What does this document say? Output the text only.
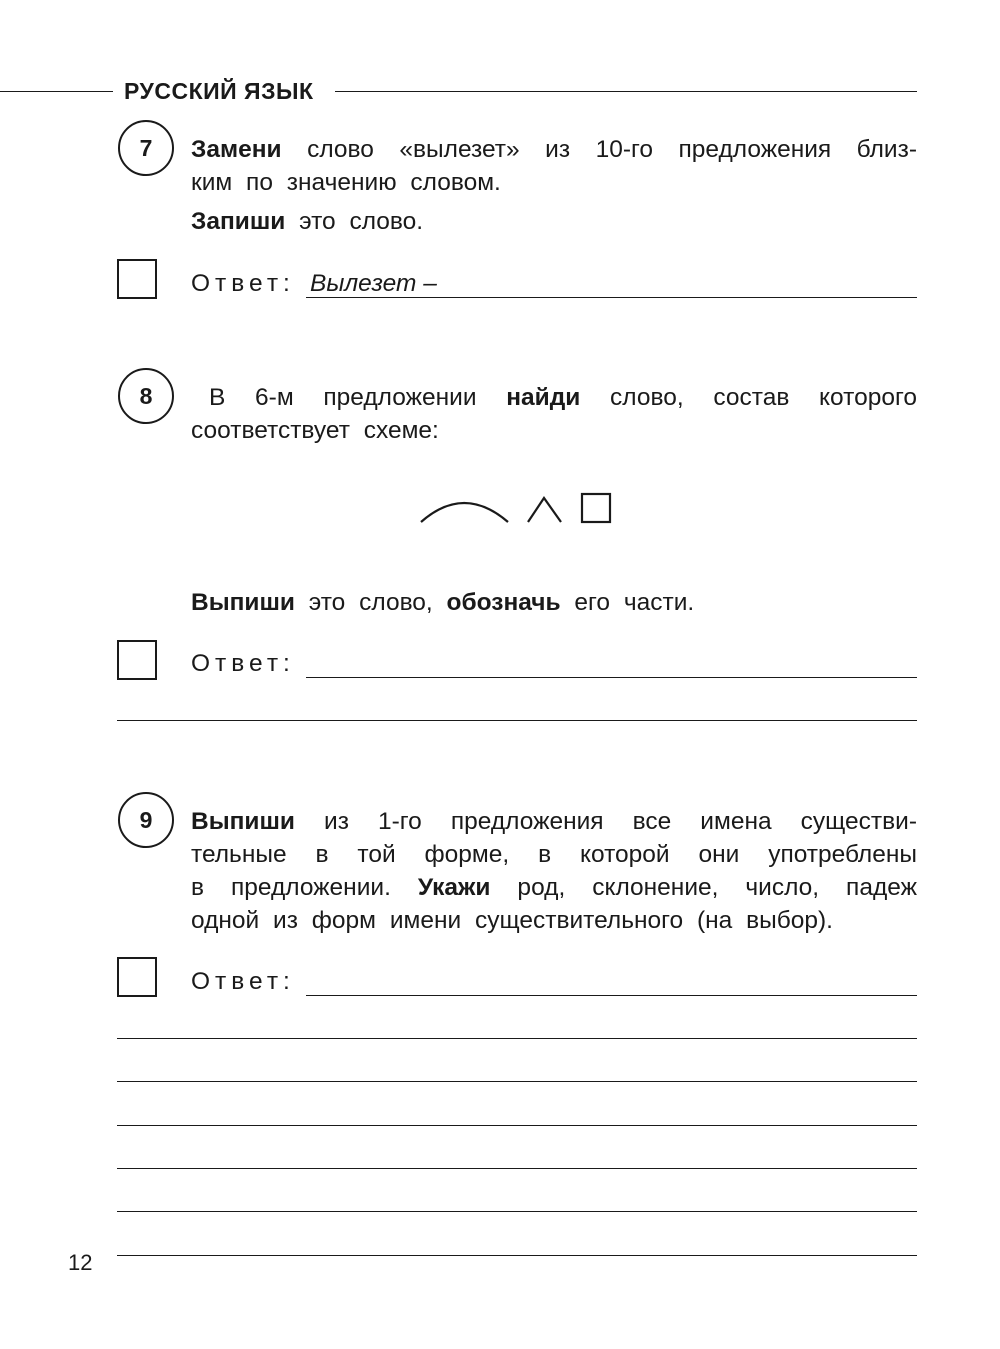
РУССКИЙ ЯЗЫК
7	Замени слово «вылезет» из 10-го предложения близ-
ким по значению словом.
Запиши это слово.
Ответ: Вылезет –
8	В 6-м предложении найди слово, состав которого
соответствует схеме:
Выпиши это слово, обозначь его части.
Ответ:
9	Выпиши из 1-го предложения все имена существи-
тельные в той форме, в которой они употреблены
в предложении. Укажи род, склонение, число, падеж
одной из форм имени существительного (на выбор).
Ответ:
12
